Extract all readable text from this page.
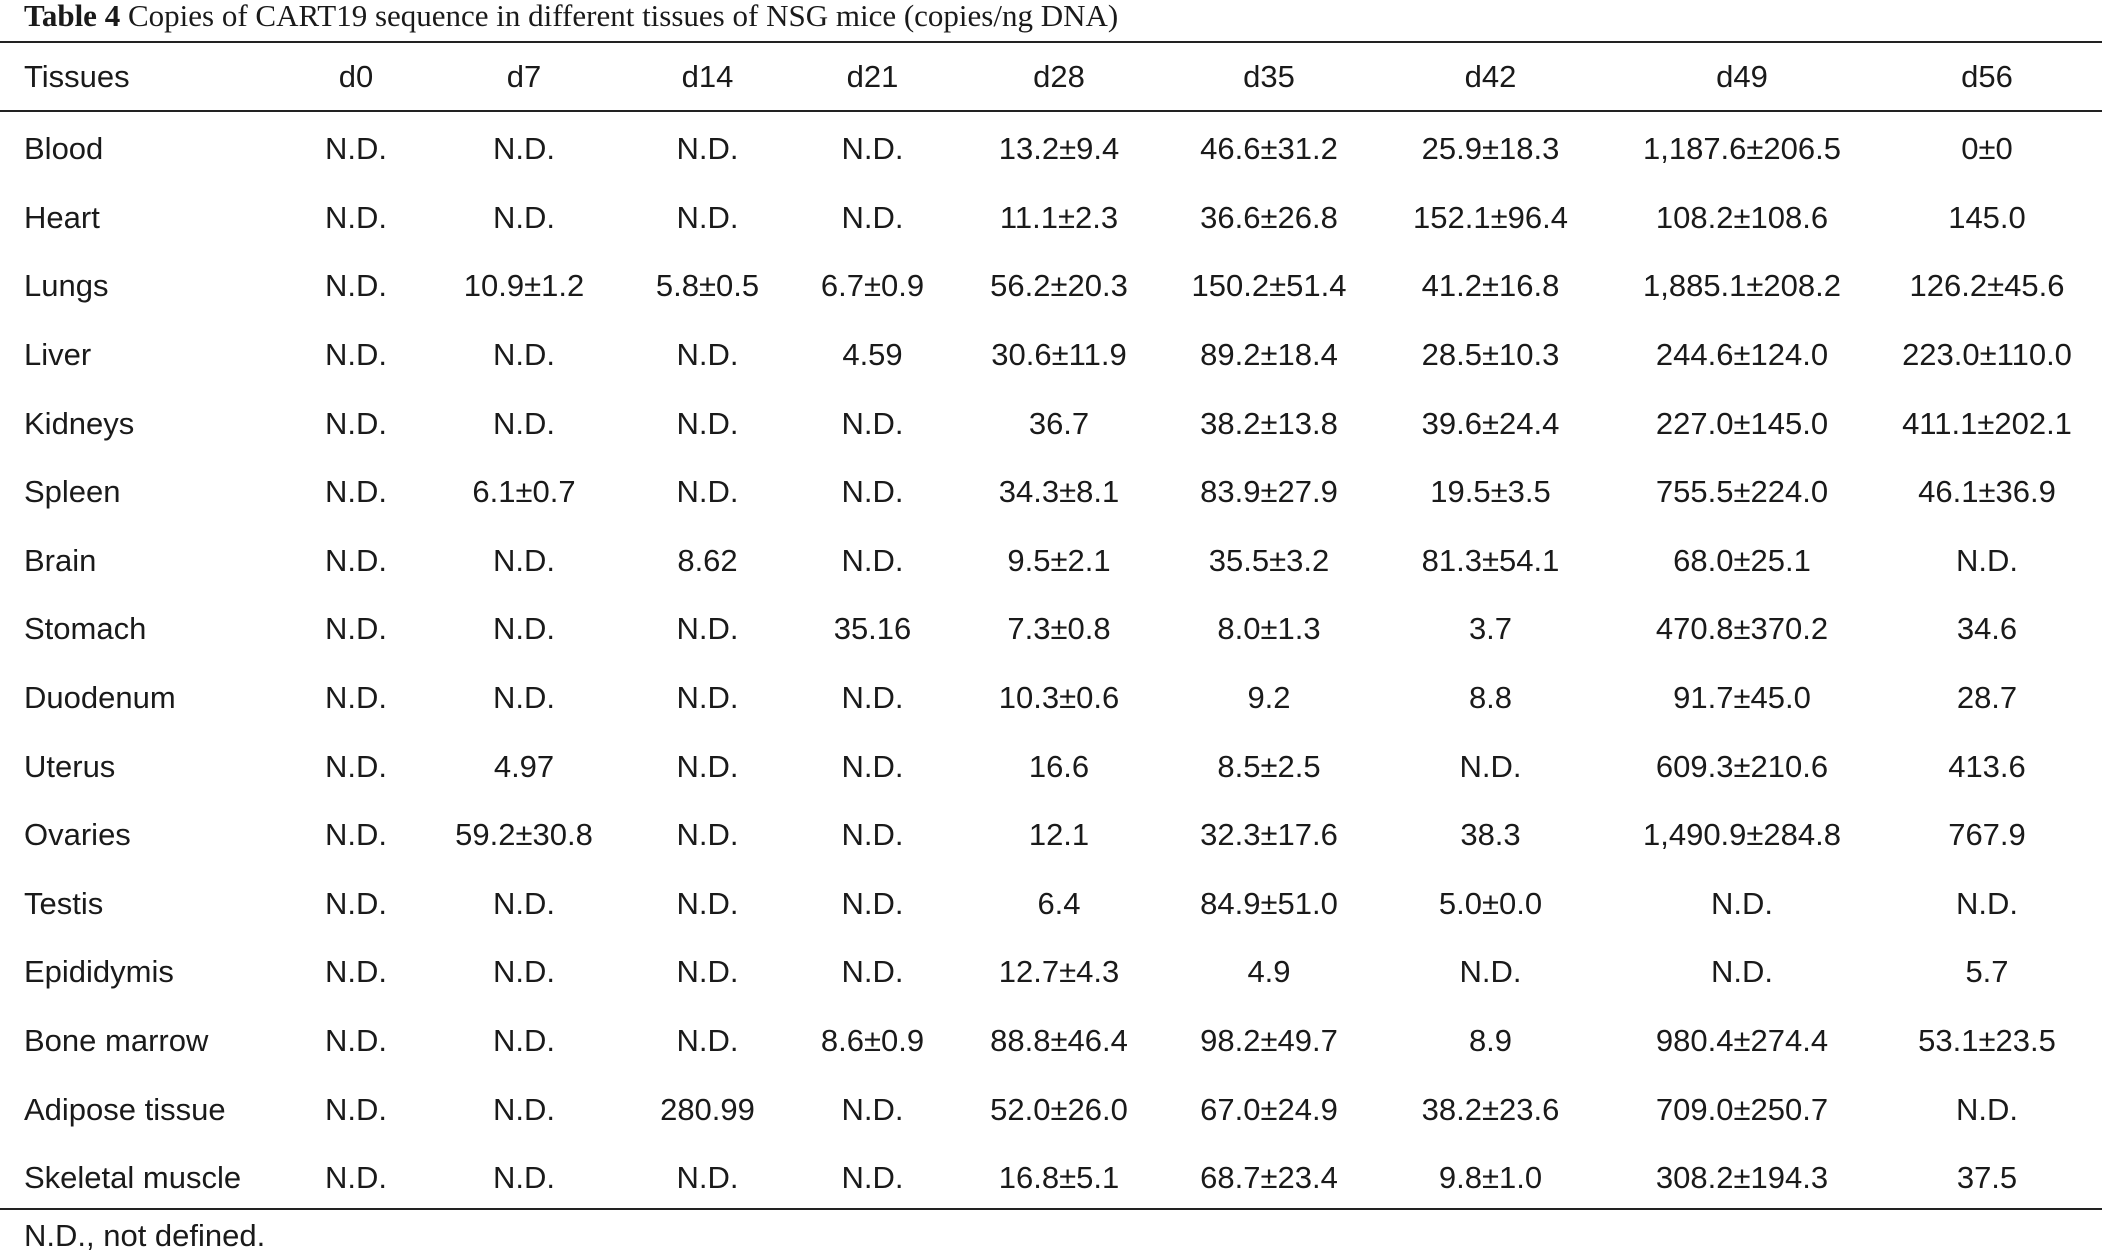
Table 4 Copies of CART19 sequence in different tissues of NSG mice (copies/ng DNA)
Tissues	d0	d7	d14	d21	d28	d35	d42	d49	d56

Blood	N.D.	N.D.	N.D.	N.D.	13.2±9.4	46.6±31.2	25.9±18.3	1,187.6±206.5	0±0
Heart	N.D.	N.D.	N.D.	N.D.	11.1±2.3	36.6±26.8	152.1±96.4	108.2±108.6	145.0
Lungs	N.D.	10.9±1.2	5.8±0.5	6.7±0.9	56.2±20.3	150.2±51.4	41.2±16.8	1,885.1±208.2	126.2±45.6
Liver	N.D.	N.D.	N.D.	4.59	30.6±11.9	89.2±18.4	28.5±10.3	244.6±124.0	223.0±110.0
Kidneys	N.D.	N.D.	N.D.	N.D.	36.7	38.2±13.8	39.6±24.4	227.0±145.0	411.1±202.1
Spleen	N.D.	6.1±0.7	N.D.	N.D.	34.3±8.1	83.9±27.9	19.5±3.5	755.5±224.0	46.1±36.9
Brain	N.D.	N.D.	8.62	N.D.	9.5±2.1	35.5±3.2	81.3±54.1	68.0±25.1	N.D.
Stomach	N.D.	N.D.	N.D.	35.16	7.3±0.8	8.0±1.3	3.7	470.8±370.2	34.6
Duodenum	N.D.	N.D.	N.D.	N.D.	10.3±0.6	9.2	8.8	91.7±45.0	28.7
Uterus	N.D.	4.97	N.D.	N.D.	16.6	8.5±2.5	N.D.	609.3±210.6	413.6
Ovaries	N.D.	59.2±30.8	N.D.	N.D.	12.1	32.3±17.6	38.3	1,490.9±284.8	767.9
Testis	N.D.	N.D.	N.D.	N.D.	6.4	84.9±51.0	5.0±0.0	N.D.	N.D.
Epididymis	N.D.	N.D.	N.D.	N.D.	12.7±4.3	4.9	N.D.	N.D.	5.7
Bone marrow	N.D.	N.D.	N.D.	8.6±0.9	88.8±46.4	98.2±49.7	8.9	980.4±274.4	53.1±23.5
Adipose tissue	N.D.	N.D.	280.99	N.D.	52.0±26.0	67.0±24.9	38.2±23.6	709.0±250.7	N.D.
Skeletal muscle	N.D.	N.D.	N.D.	N.D.	16.8±5.1	68.7±23.4	9.8±1.0	308.2±194.3	37.5
N.D., not defined.
